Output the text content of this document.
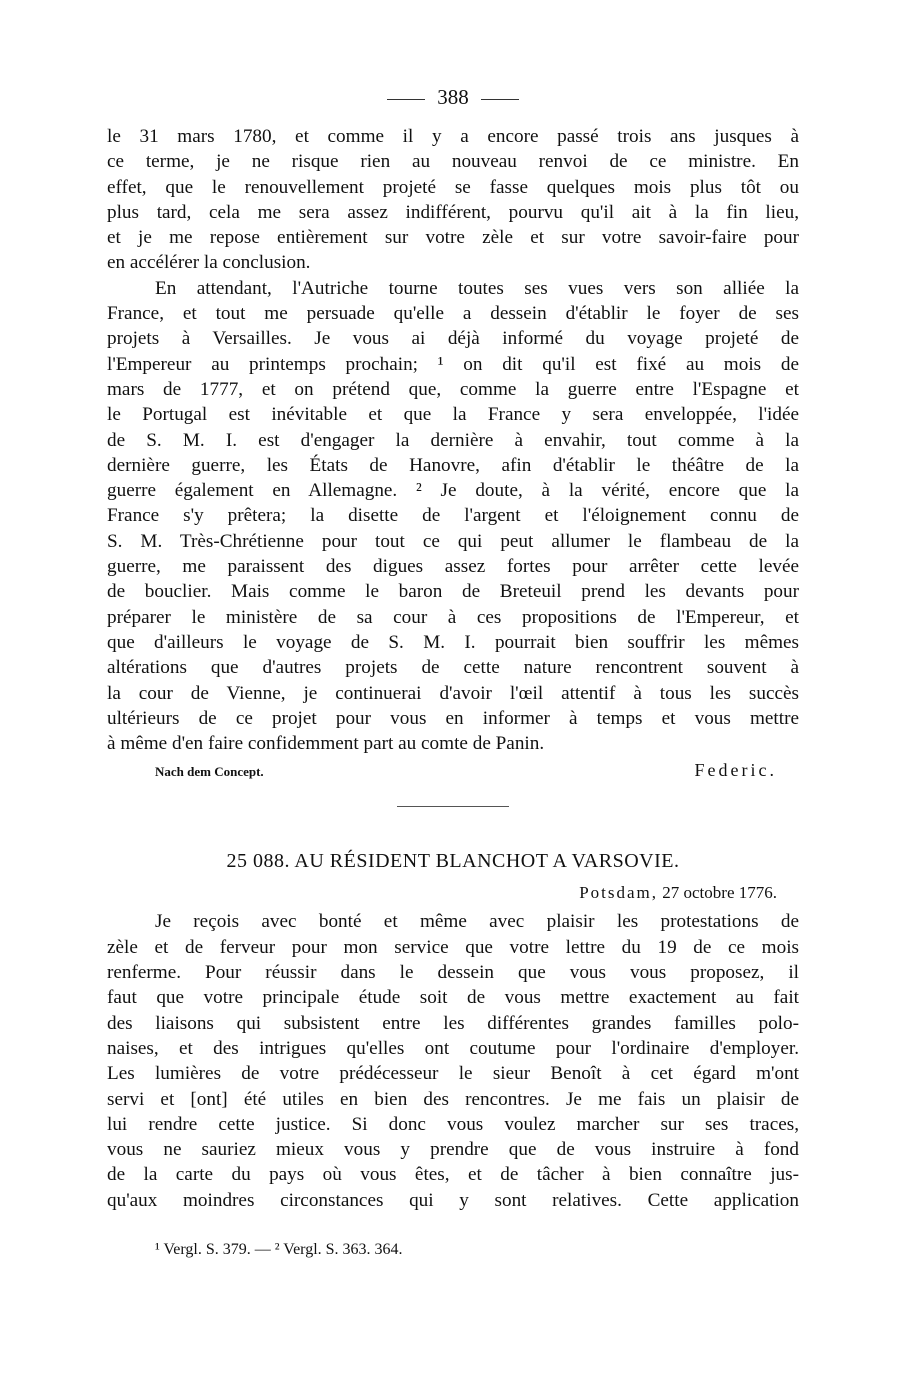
388
le 31 mars 1780, et comme il y a encore passé trois ans jusques à
ce terme, je ne risque rien au nouveau renvoi de ce ministre. En
effet, que le renouvellement projeté se fasse quelques mois plus tôt ou
plus tard, cela me sera assez indifférent, pourvu qu'il ait à la fin lieu,
et je me repose entièrement sur votre zèle et sur votre savoir-faire pour
en accélérer la conclusion.
En attendant, l'Autriche tourne toutes ses vues vers son alliée la
France, et tout me persuade qu'elle a dessein d'établir le foyer de ses
projets à Versailles. Je vous ai déjà informé du voyage projeté de
l'Empereur au printemps prochain; ¹ on dit qu'il est fixé au mois de
mars de 1777, et on prétend que, comme la guerre entre l'Espagne et
le Portugal est inévitable et que la France y sera enveloppée, l'idée
de S. M. I. est d'engager la dernière à envahir, tout comme à la
dernière guerre, les États de Hanovre, afin d'établir le théâtre de la
guerre également en Allemagne. ² Je doute, à la vérité, encore que la
France s'y prêtera; la disette de l'argent et l'éloignement connu de
S. M. Très-Chrétienne pour tout ce qui peut allumer le flambeau de la
guerre, me paraissent des digues assez fortes pour arrêter cette levée
de bouclier. Mais comme le baron de Breteuil prend les devants pour
préparer le ministère de sa cour à ces propositions de l'Empereur, et
que d'ailleurs le voyage de S. M. I. pourrait bien souffrir les mêmes
altérations que d'autres projets de cette nature rencontrent souvent à
la cour de Vienne, je continuerai d'avoir l'œil attentif à tous les succès
ultérieurs de ce projet pour vous en informer à temps et vous mettre
à même d'en faire confidemment part au comte de Panin.
Nach dem Concept.	Federic.
25 088. AU RÉSIDENT BLANCHOT A VARSOVIE.
Potsdam, 27 octobre 1776.
Je reçois avec bonté et même avec plaisir les protestations de
zèle et de ferveur pour mon service que votre lettre du 19 de ce mois
renferme. Pour réussir dans le dessein que vous vous proposez, il
faut que votre principale étude soit de vous mettre exactement au fait
des liaisons qui subsistent entre les différentes grandes familles polo-
naises, et des intrigues qu'elles ont coutume pour l'ordinaire d'employer.
Les lumières de votre prédécesseur le sieur Benoît à cet égard m'ont
servi et [ont] été utiles en bien des rencontres. Je me fais un plaisir de
lui rendre cette justice. Si donc vous voulez marcher sur ses traces,
vous ne sauriez mieux vous y prendre que de vous instruire à fond
de la carte du pays où vous êtes, et de tâcher à bien connaître jus-
qu'aux moindres circonstances qui y sont relatives. Cette application
¹ Vergl. S. 379. — ² Vergl. S. 363. 364.
